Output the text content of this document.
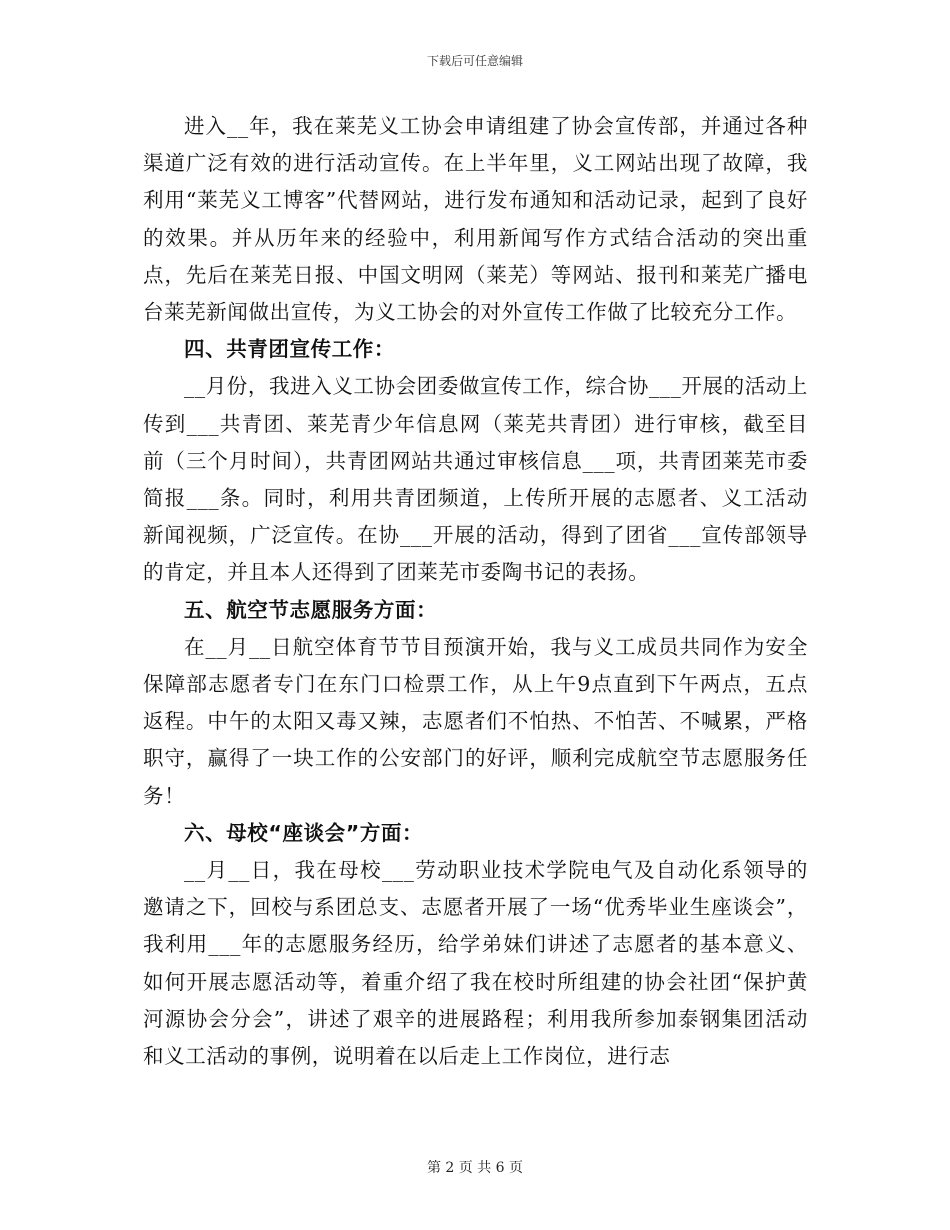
下载后可任意编辑

进入__年，我在莱芜义工协会申请组建了协会宣传部，并通过各种渠道广泛有效的进行活动宣传。在上半年里，义工网站出现了故障，我利用“莱芜义工博客”代替网站，进行发布通知和活动记录，起到了良好的效果。并从历年来的经验中，利用新闻写作方式结合活动的突出重点，先后在莱芜日报、中国文明网（莱芜）等网站、报刊和莱芜广播电台莱芜新闻做出宣传，为义工协会的对外宣传工作做了比较充分工作。

四、共青团宣传工作：

__月份，我进入义工协会团委做宣传工作，综合协___开展的活动上传到___共青团、莱芜青少年信息网（莱芜共青团）进行审核，截至目前（三个月时间），共青团网站共通过审核信息___项，共青团莱芜市委简报___条。同时，利用共青团频道，上传所开展的志愿者、义工活动新闻视频，广泛宣传。在协___开展的活动，得到了团省___宣传部领导的肯定，并且本人还得到了团莱芜市委陶书记的表扬。

五、航空节志愿服务方面：

在__月__日航空体育节节目预演开始，我与义工成员共同作为安全保障部志愿者专门在东门口检票工作，从上午9点直到下午两点，五点返程。中午的太阳又毒又辣，志愿者们不怕热、不怕苦、不喊累，严格职守，赢得了一块工作的公安部门的好评，顺利完成航空节志愿服务任务！

六、母校“座谈会”方面：

__月__日，我在母校___劳动职业技术学院电气及自动化系领导的邀请之下，回校与系团总支、志愿者开展了一场“优秀毕业生座谈会”，我利用___年的志愿服务经历，给学弟妹们讲述了志愿者的基本意义、如何开展志愿活动等，着重介绍了我在校时所组建的协会社团“保护黄河源协会分会”，讲述了艰辛的进展路程；利用我所参加泰钢集团活动和义工活动的事例，说明着在以后走上工作岗位，进行志

第 2 页 共 6 页
